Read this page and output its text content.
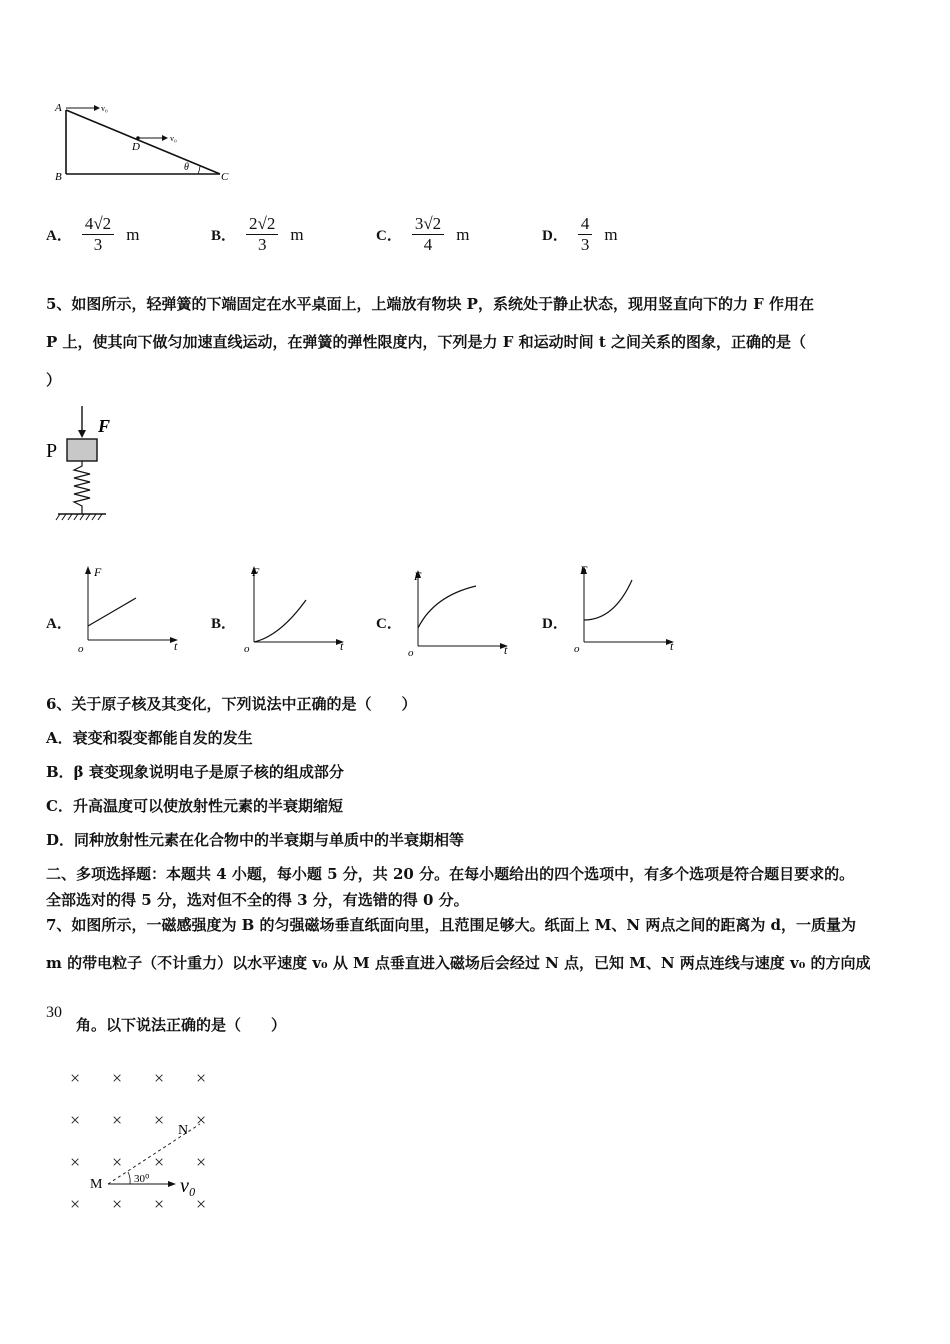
A
B	C
D
θ
v₀
v₀
A． $\frac{4√2}{3}$ m	B． $\frac{2√2}{3}$ m	C． $\frac{3√2}{4}$ m	D． $\frac{4}{3}$ m
5、如图所示，轻弹簧的下端固定在水平桌面上，上端放有物块 P，系统处于静止状态，现用竖直向下的力 F 作用在
P 上，使其向下做匀加速直线运动，在弹簧的弹性限度内，下列是力 F 和运动时间 t 之间关系的图象，正确的是（
）
P
F
A．
F
t
o
B．
F
t
o
C．
F
t
o
D．
F
t
o
6、关于原子核及其变化，下列说法中正确的是（　　）
A．衰变和裂变都能自发的发生
B．β 衰变现象说明电子是原子核的组成部分
C．升高温度可以使放射性元素的半衰期缩短
D．同种放射性元素在化合物中的半衰期与单质中的半衰期相等
二、多项选择题：本题共 4 小题，每小题 5 分，共 20 分。在每小题给出的四个选项中，有多个选项是符合题目要求的。
全部选对的得 5 分，选对但不全的得 3 分，有选错的得 0 分。
7、如图所示，一磁感强度为 B 的匀强磁场垂直纸面向里，且范围足够大。纸面上 M、N 两点之间的距离为 d，一质量为
m 的带电粒子（不计重力）以水平速度 v₀ 从 M 点垂直进入磁场后会经过 N 点，已知 M、N 两点连线与速度 v₀ 的方向成
30
角。以下说法正确的是（　　）
× × × ×
× × × ×
× × × ×
× × × ×
M
N
30⁰ v₀
